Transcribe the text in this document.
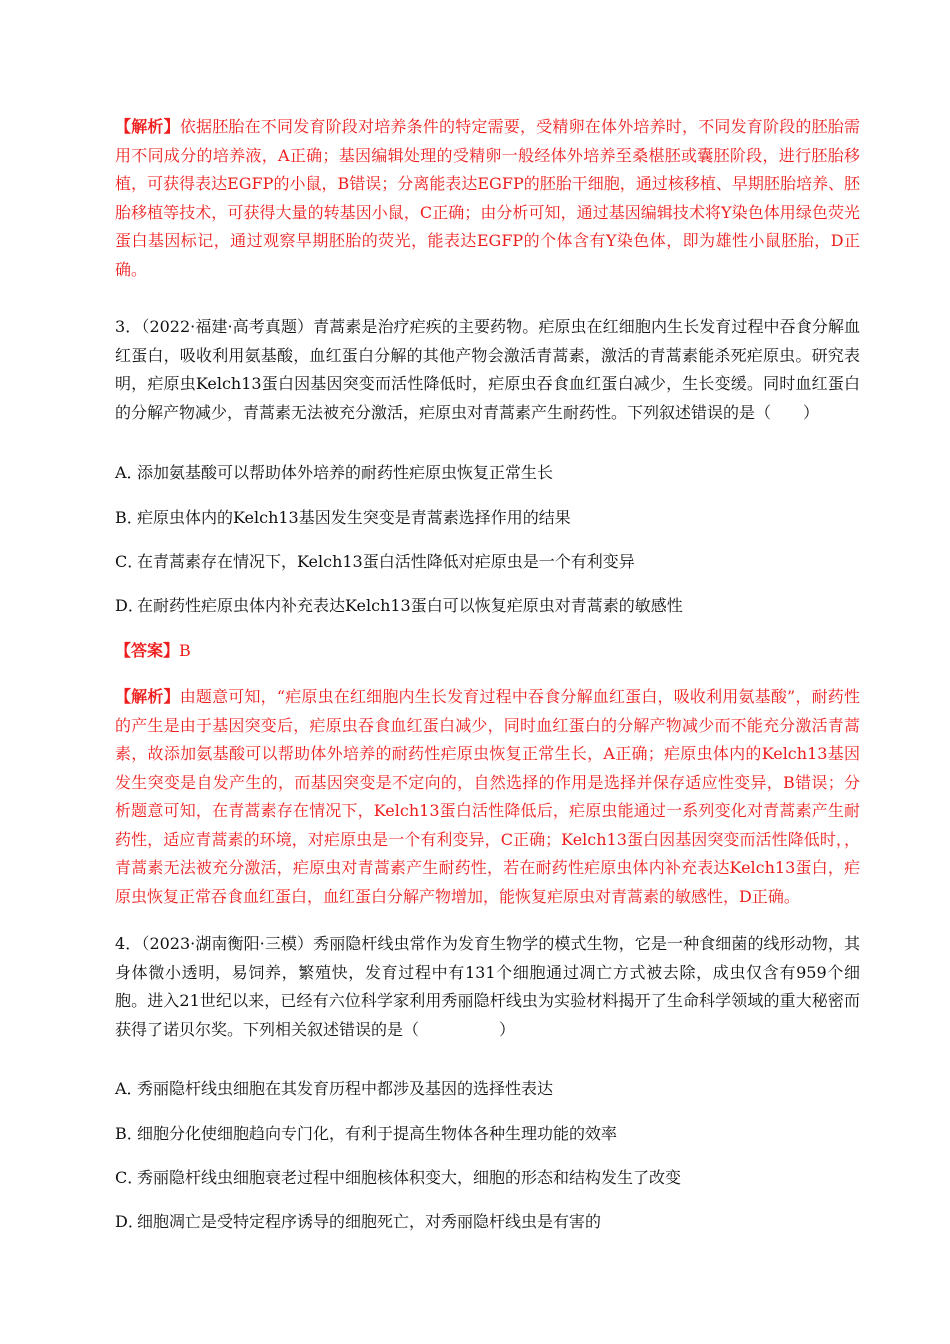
【解析】依据胚胎在不同发育阶段对培养条件的特定需要，受精卵在体外培养时，不同发育阶段的胚胎需用不同成分的培养液，A正确；基因编辑处理的受精卵一般经体外培养至桑椹胚或囊胚阶段，进行胚胎移植，可获得表达EGFP的小鼠，B错误；分离能表达EGFP的胚胎干细胞，通过核移植、早期胚胎培养、胚胎移植等技术，可获得大量的转基因小鼠，C正确；由分析可知，通过基因编辑技术将Y染色体用绿色荧光蛋白基因标记，通过观察早期胚胎的荧光，能表达EGFP的个体含有Y染色体，即为雄性小鼠胚胎，D正确。
3．（2022·福建·高考真题）青蒿素是治疗疟疾的主要药物。疟原虫在红细胞内生长发育过程中吞食分解血红蛋白，吸收利用氨基酸，血红蛋白分解的其他产物会激活青蒿素，激活的青蒿素能杀死疟原虫。研究表明，疟原虫Kelch13蛋白因基因突变而活性降低时，疟原虫吞食血红蛋白减少，生长变缓。同时血红蛋白的分解产物减少，青蒿素无法被充分激活，疟原虫对青蒿素产生耐药性。下列叙述错误的是（　　）
A．添加氨基酸可以帮助体外培养的耐药性疟原虫恢复正常生长
B．疟原虫体内的Kelch13基因发生突变是青蒿素选择作用的结果
C．在青蒿素存在情况下，Kelch13蛋白活性降低对疟原虫是一个有利变异
D．在耐药性疟原虫体内补充表达Kelch13蛋白可以恢复疟原虫对青蒿素的敏感性
【答案】B
【解析】由题意可知，“疟原虫在红细胞内生长发育过程中吞食分解血红蛋白，吸收利用氨基酸”，耐药性的产生是由于基因突变后，疟原虫吞食血红蛋白减少，同时血红蛋白的分解产物减少而不能充分激活青蒿素，故添加氨基酸可以帮助体外培养的耐药性疟原虫恢复正常生长，A正确；疟原虫体内的Kelch13基因发生突变是自发产生的，而基因突变是不定向的，自然选择的作用是选择并保存适应性变异，B错误；分析题意可知，在青蒿素存在情况下，Kelch13蛋白活性降低后，疟原虫能通过一系列变化对青蒿素产生耐药性，适应青蒿素的环境，对疟原虫是一个有利变异，C正确；Kelch13蛋白因基因突变而活性降低时，，青蒿素无法被充分激活，疟原虫对青蒿素产生耐药性，若在耐药性疟原虫体内补充表达Kelch13蛋白，疟原虫恢复正常吞食血红蛋白，血红蛋白分解产物增加，能恢复疟原虫对青蒿素的敏感性，D正确。
4．（2023·湖南衡阳·三模）秀丽隐杆线虫常作为发育生物学的模式生物，它是一种食细菌的线形动物，其身体微小透明，易饲养，繁殖快，发育过程中有131个细胞通过凋亡方式被去除，成虫仅含有959个细胞。进入21世纪以来，已经有六位科学家利用秀丽隐杆线虫为实验材料揭开了生命科学领域的重大秘密而获得了诺贝尔奖。下列相关叙述错误的是（　　　　　）
A．秀丽隐杆线虫细胞在其发育历程中都涉及基因的选择性表达
B．细胞分化使细胞趋向专门化，有利于提高生物体各种生理功能的效率
C．秀丽隐杆线虫细胞衰老过程中细胞核体积变大，细胞的形态和结构发生了改变
D．细胞凋亡是受特定程序诱导的细胞死亡，对秀丽隐杆线虫是有害的
